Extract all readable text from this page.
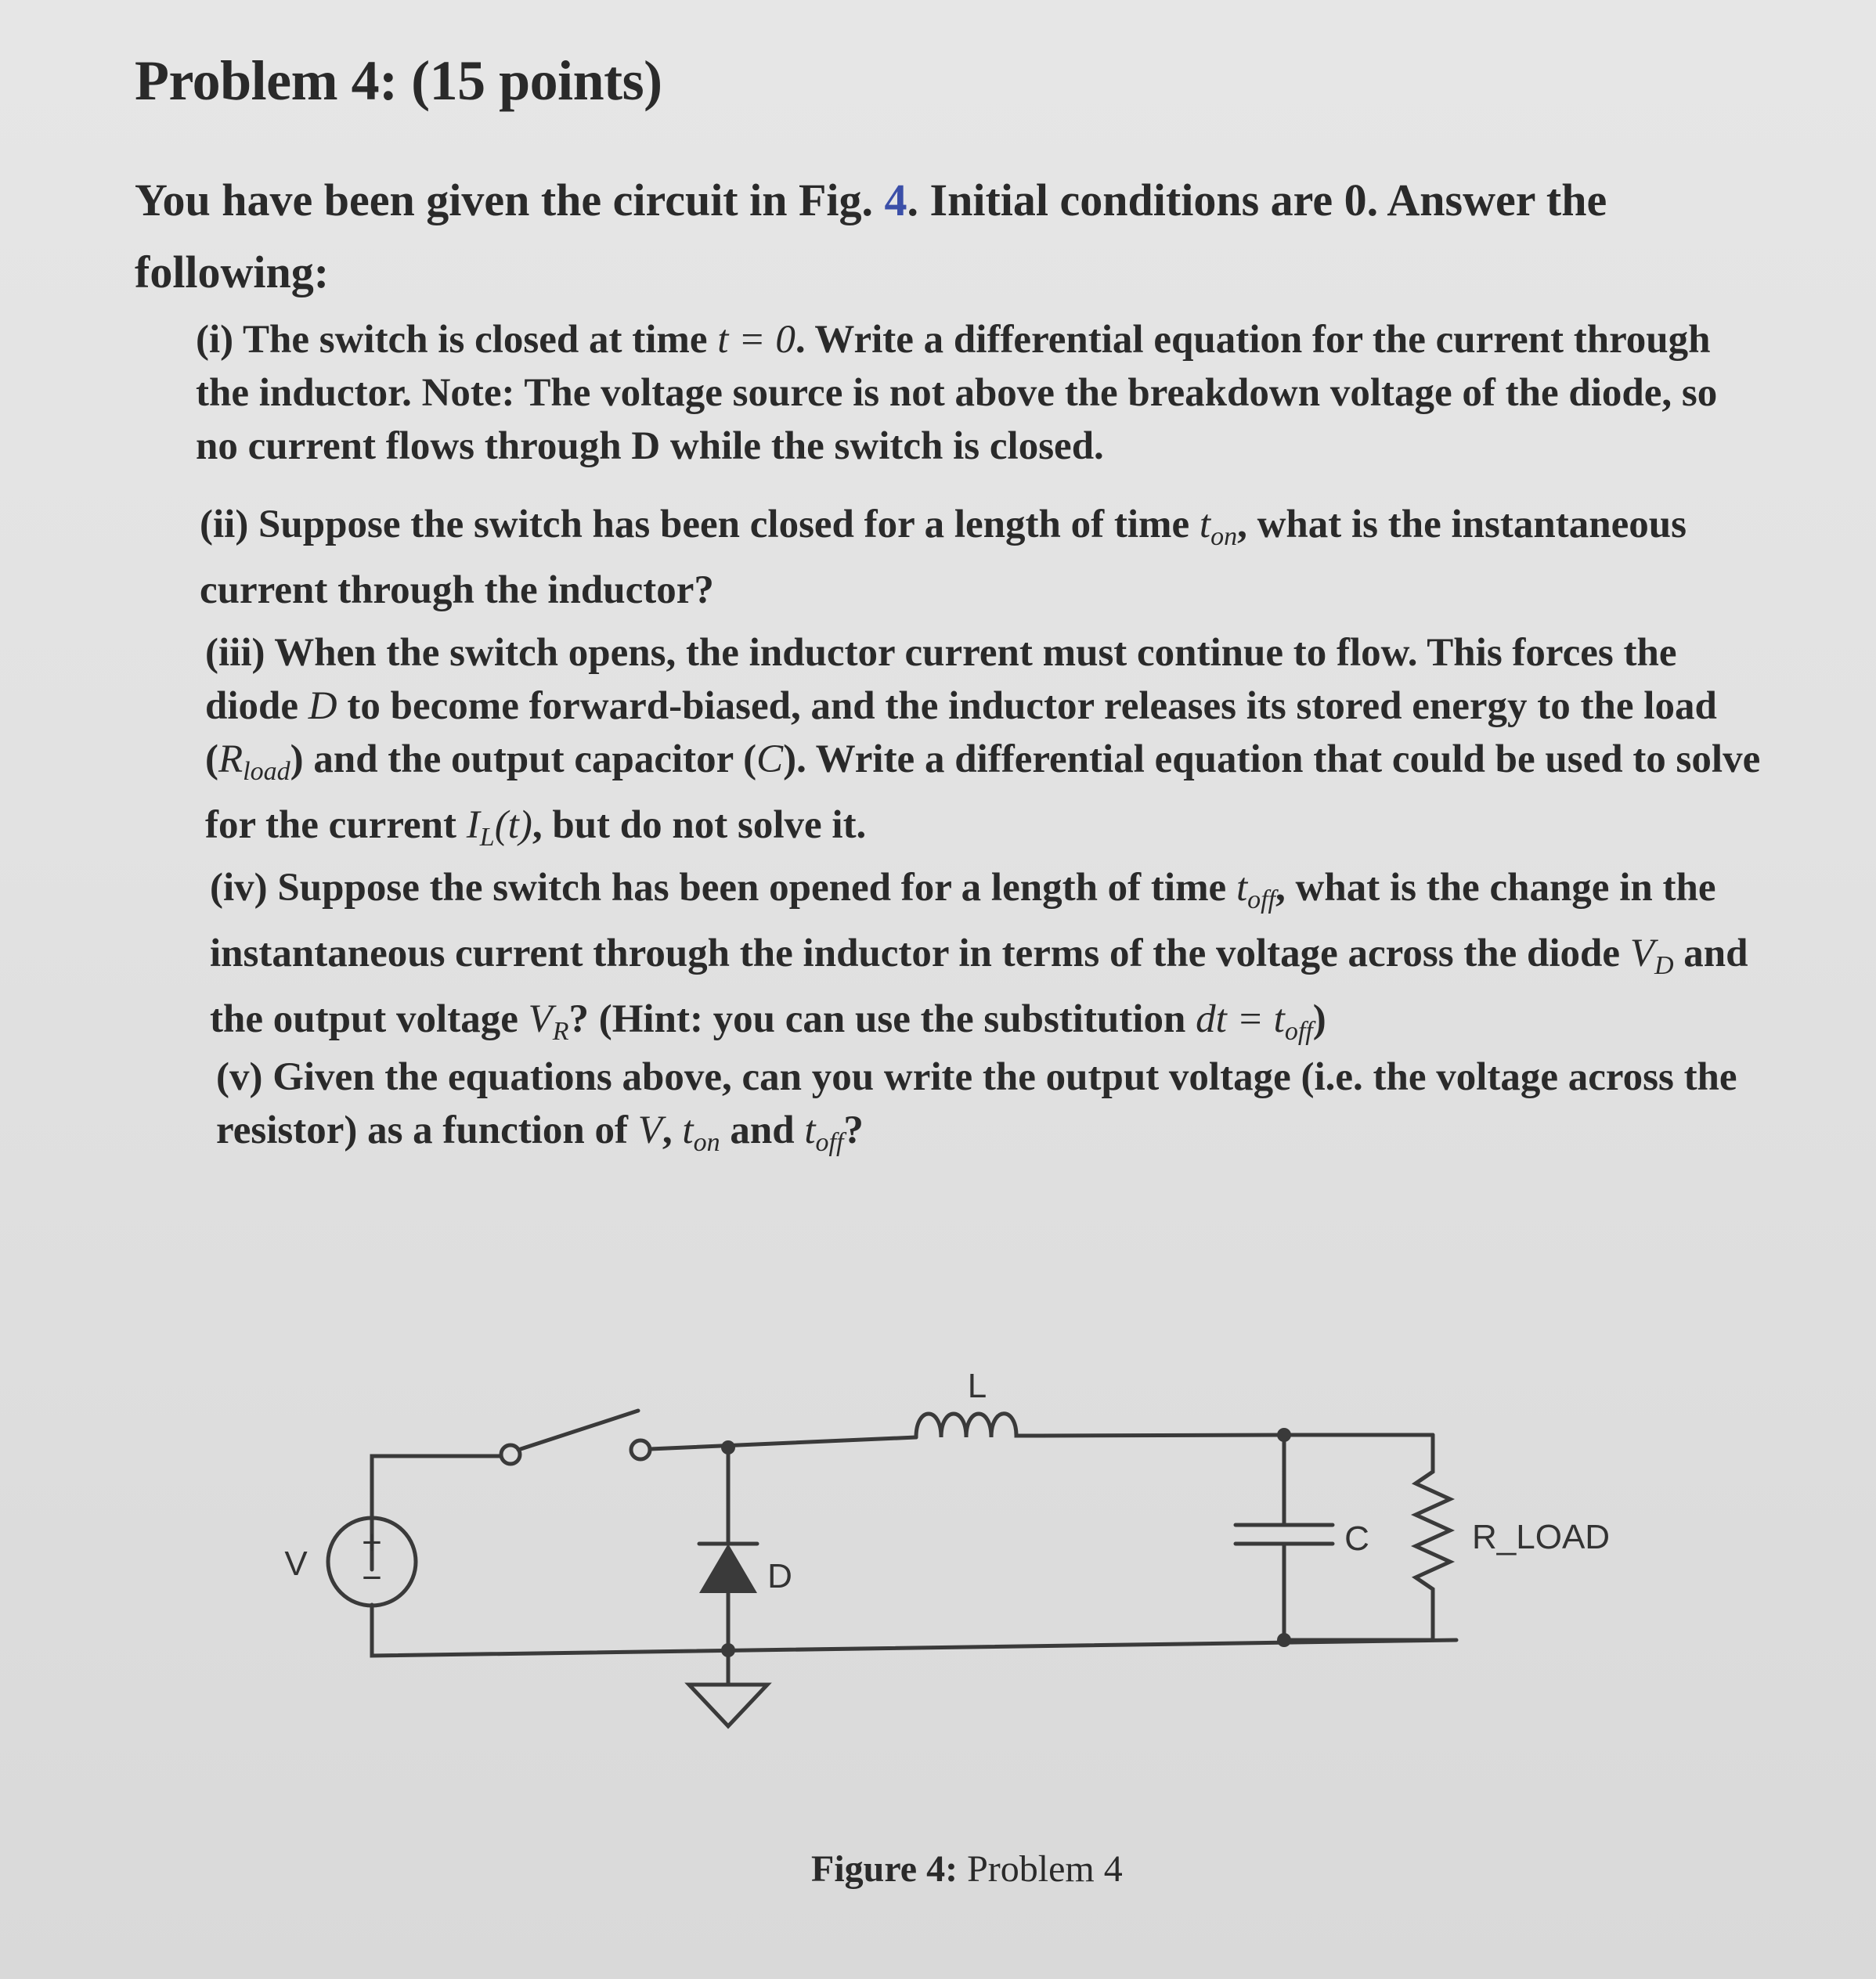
Problem 4: (15 points)

You have been given the circuit in Fig. 4. Initial conditions are 0. Answer the following:

(i) The switch is closed at time t = 0. Write a differential equation for the current through the inductor. Note: The voltage source is not above the breakdown voltage of the diode, so no current flows through D while the switch is closed.

(ii) Suppose the switch has been closed for a length of time $t_{on}$, what is the instantaneous current through the inductor?

(iii) When the switch opens, the inductor current must continue to flow. This forces the diode D to become forward-biased, and the inductor releases its stored energy to the load $(R_{load})$ and the output capacitor (C). Write a differential equation that could be used to solve for the current $I_L(t)$, but do not solve it.

(iv) Suppose the switch has been opened for a length of time $t_{off}$, what is the change in the instantaneous current through the inductor in terms of the voltage across the diode $V_D$ and the output voltage $V_R$? (Hint: you can use the substitution dt = $t_{off}$)

(v) Given the equations above, can you write the output voltage (i.e. the voltage across the resistor) as a function of V, $t_{on}$ and $t_{off}$?

+
−
V
L
D
C	R_LOAD

Figure 4: Problem 4
